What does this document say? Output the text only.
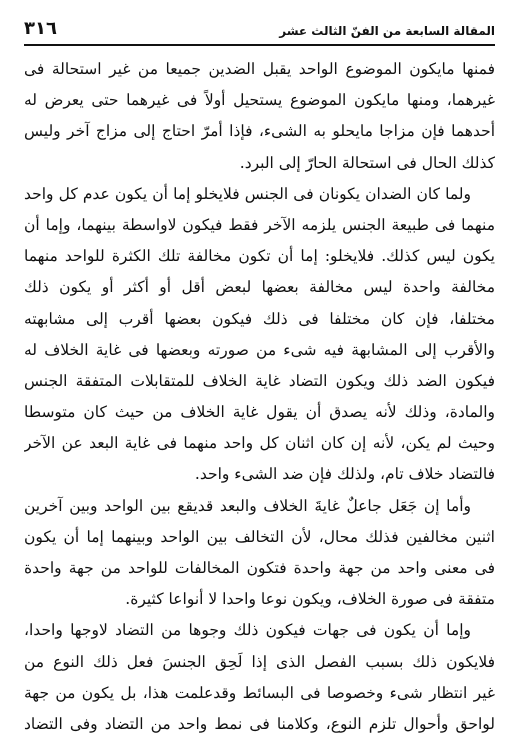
٣١٦	المقالة السابعة من الفنّ الثالث عشر
فمنها مايكون الموضوع الواحد يقبل الضدين جميعا من غير استحالة فى
غيرهما، ومنها مايكون الموضوع يستحيل أولاً فى غيرهما حتى يعرض له
أحدهما فإن مزاجا مايحلو به الشىء، فإذا أمرّ احتاج إلى مزاج آخر وليس
كذلك الحال فى استحالة الحارّ إلى البرد.
ولما كان الضدان يكونان فى الجنس فلايخلو إما أن يكون عدم كل واحد
منهما فى طبيعة الجنس يلزمه الآخر فقط فيكون لاواسطة بينهما، وإما أن
يكون ليس كذلك. فلايخلو: إما أن تكون مخالفة تلك الكثرة للواحد منهما
مخالفة واحدة ليس مخالفة بعضها لبعض أقل أو أكثر أو يكون ذلك
مختلفا، فإن كان مختلفا فى ذلك فيكون بعضها أقرب إلى مشابهته
والأقرب إلى المشابهة فيه شىء من صورته وبعضها فى غاية الخلاف له
فيكون الضد ذلك ويكون التضاد غاية الخلاف للمتقابلات المتفقة الجنس
والمادة، وذلك لأنه يصدق أن يقول غاية الخلاف من حيث كان متوسطا
وحيث لم يكن، لأنه إن كان اثنان كل واحد منهما فى غاية البعد عن الآخر
فالتضاد خلاف تام، ولذلك فإن ضد الشىء واحد.
وأما إن جَعَل جاعلٌ غايةَ الخلاف والبعد قديقع بين الواحد وبين آخرين
اثنين مخالفين فذلك محال، لأن التخالف بين الواحد وبينهما إما أن يكون
فى معنى واحد من جهة واحدة فتكون المخالفات للواحد من جهة واحدة
متفقة فى صورة الخلاف، ويكون نوعا واحدا لا أنواعا كثيرة.
وإما أن يكون فى جهات فيكون ذلك وجوها من التضاد لاوجها واحدا،
فلايكون ذلك بسبب الفصل الذى إذا لَحِق الجنسَ فعل ذلك النوع من
غير انتظار شىء وخصوصا فى البسائط وقدعلمت هذا، بل يكون من جهة
لواحق وأحوال تلزم النوع، وكلامنا فى نمط واحد من التضاد وفى التضاد
